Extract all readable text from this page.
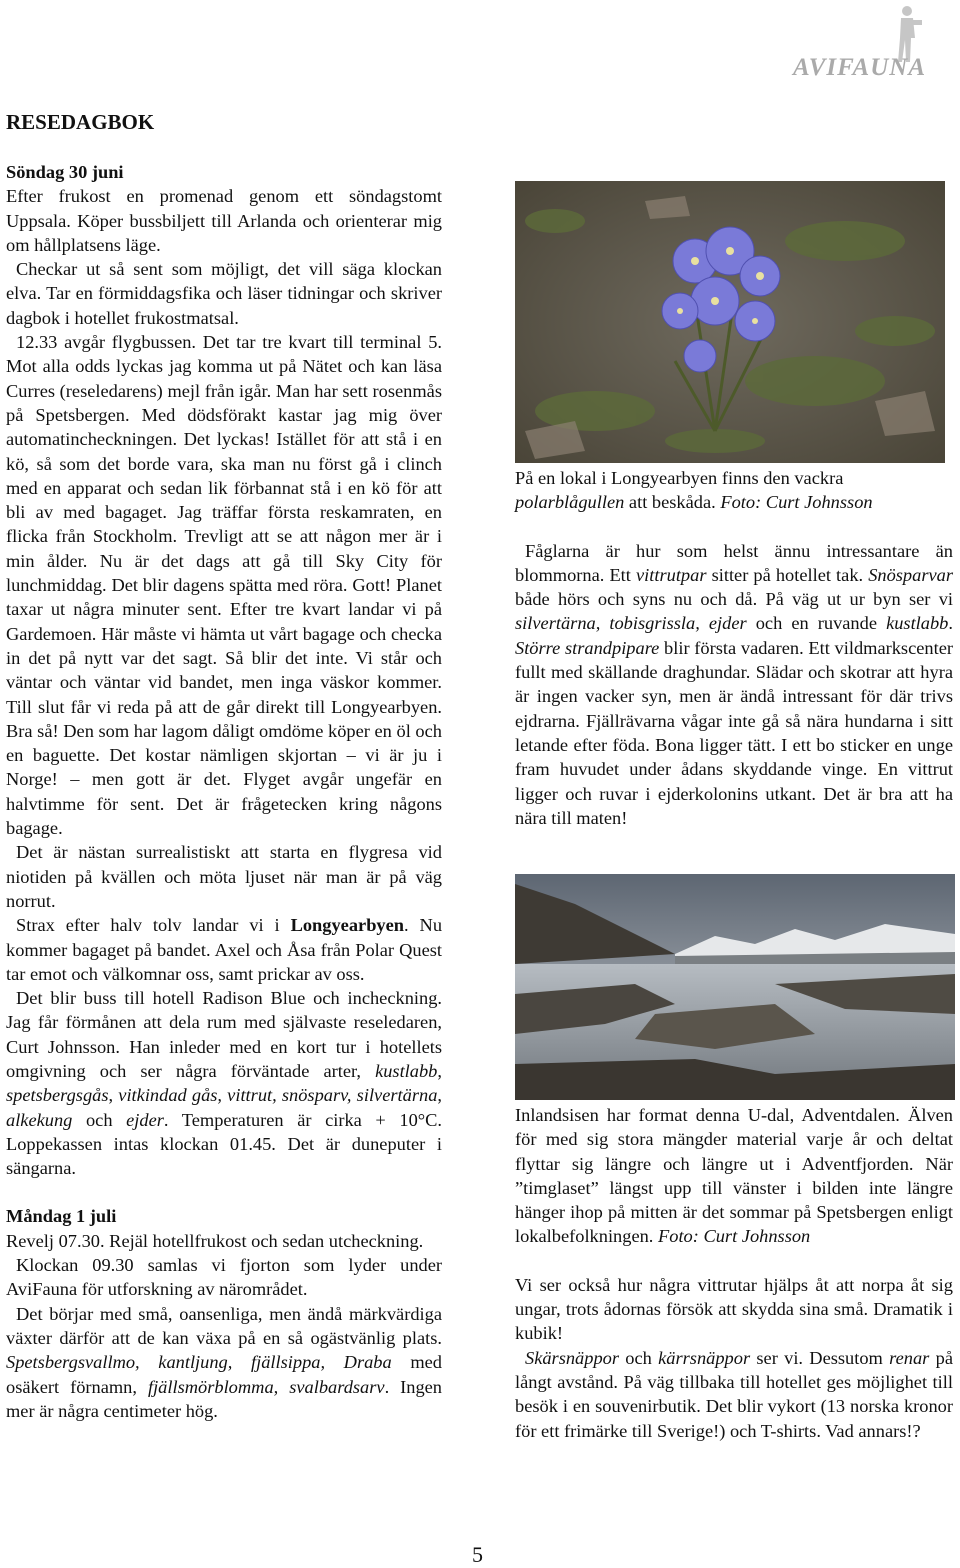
AVIFAUNA
RESEDAGBOK

Söndag 30 juni

Efter frukost en promenad genom ett söndagstomt Uppsala. Köper bussbiljett till Arlanda och orienterar mig om hållplatsens läge.

Checkar ut så sent som möjligt, det vill säga klockan elva. Tar en förmiddagsfika och läser tidningar och skriver dagbok i hotellet frukostmatsal.

12.33 avgår flygbussen. Det tar tre kvart till terminal 5. Mot alla odds lyckas jag komma ut på Nätet och kan läsa Curres (reseledarens) mejl från igår. Man har sett rosenmås på Spetsbergen. Med dödsförakt kastar jag mig över automatincheckningen. Det lyckas! Istället för att stå i en kö, så som det borde vara, ska man nu först gå i clinch med en apparat och sedan lik förbannat stå i en kö för att bli av med bagaget. Jag träffar första reskamraten, en flicka från Stockholm. Trevligt att se att någon mer är i min ålder. Nu är det dags att gå till Sky City för lunchmiddag. Det blir dagens spätta med röra. Gott! Planet taxar ut några minuter sent. Efter tre kvart landar vi på Gardemoen. Här måste vi hämta ut vårt bagage och checka in det på nytt var det sagt. Så blir det inte. Vi står och väntar och väntar vid bandet, men inga väskor kommer. Till slut får vi reda på att de går direkt till Longyearbyen. Bra så! Den som har lagom dåligt omdöme köper en öl och en baguette. Det kostar nämligen skjortan – vi är ju i Norge! – men gott är det. Flyget avgår ungefär en halvtimme för sent. Det är frågetecken kring någons bagage.

Det är nästan surrealistiskt att starta en flygresa vid niotiden på kvällen och möta ljuset när man är på väg norrut.

Strax efter halv tolv landar vi i Longyearbyen. Nu kommer bagaget på bandet. Axel och Åsa från Polar Quest tar emot och välkomnar oss, samt prickar av oss.

Det blir buss till hotell Radison Blue och incheckning. Jag får förmånen att dela rum med självaste reseledaren, Curt Johnsson. Han inleder med en kort tur i hotellets omgivning och ser några förväntade arter, kustlabb, spetsbergsgås, vitkindad gås, vittrut, snösparv, silvertärna, alkekung och ejder. Temperaturen är cirka + 10°C. Loppekassen intas klockan 01.45. Det är duneputer i sängarna.

Måndag 1 juli

Revelj 07.30. Rejäl hotellfrukost och sedan utcheckning.

Klockan 09.30 samlas vi fjorton som lyder under AviFauna för utforskning av närområdet.

Det börjar med små, oansenliga, men ändå märkvärdiga växter därför att de kan växa på en så ogästvänlig plats. Spetsbergsvallmo, kantljung, fjällsippa, Draba med osäkert förnamn, fjällsmörblomma, svalbardsarv. Ingen mer är några centimeter hög.

På en lokal i Longyearbyen finns den vackra polarblågullen att beskåda. Foto: Curt Johnsson

Fåglarna är hur som helst ännu intressantare än blommorna. Ett vittrutpar sitter på hotellet tak. Snösparvar både hörs och syns nu och då. På väg ut ur byn ser vi silvertärna, tobisgrissla, ejder och en ruvande kustlabb. Större strandpipare blir första vadaren. Ett vildmarkscenter fullt med skällande draghundar. Slädar och skotrar att hyra är ingen vacker syn, men är ändå intressant för där trivs ejdrarna. Fjällrävarna vågar inte gå så nära hundarna i sitt letande efter föda. Bona ligger tätt. I ett bo sticker en unge fram huvudet under ådans skyddande vinge. En vittrut ligger och ruvar i ejderkolonins utkant. Det är bra att ha nära till maten!

Inlandsisen har format denna U-dal, Adventdalen. Älven för med sig stora mängder material varje år och deltat flyttar sig längre och längre ut i Adventfjorden. När ”timglaset” längst upp till vänster i bilden inte längre hänger ihop på mitten är det sommar på Spetsbergen enligt lokalbefolkningen. Foto: Curt Johnsson

Vi ser också hur några vittrutar hjälps åt att norpa åt sig ungar, trots ådornas försök att skydda sina små. Dramatik i kubik!

Skärsnäppor och kärrsnäppor ser vi. Dessutom renar på långt avstånd. På väg tillbaka till hotellet ges möjlighet till besök i en souvenirbutik. Det blir vykort (13 norska kronor för ett frimärke till Sverige!) och T-shirts. Vad annars!?

5
